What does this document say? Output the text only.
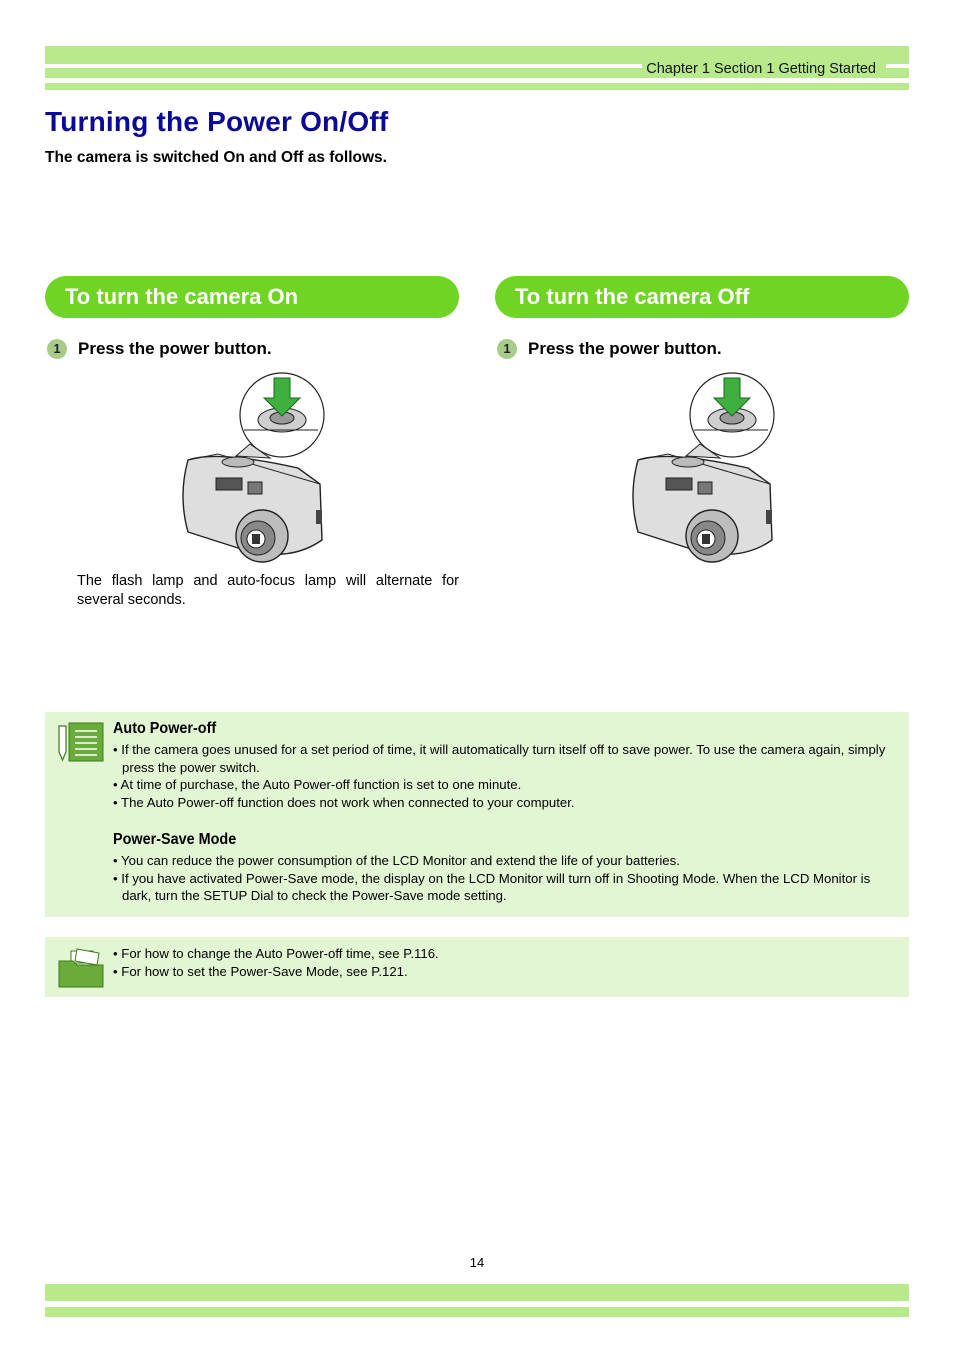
Chapter 1 Section 1 Getting Started
Turning the Power On/Off
The camera is switched On and Off as follows.
To turn the camera On
1	Press the power button.
The flash lamp and auto-focus lamp will alternate for several seconds.
To turn the camera Off
1	Press the power button.
Auto Power-off
• If the camera goes unused for a set period of time, it will automatically turn itself off to save power. To use the camera again, simply press the power switch.
• At time of purchase, the Auto Power-off function is set to one minute.
• The Auto Power-off function does not work when connected to your computer.
Power-Save Mode
• You can reduce the power consumption of the LCD Monitor and extend the life of your batteries.
• If you have activated Power-Save mode, the display on the LCD Monitor will turn off in Shooting Mode. When the LCD Monitor is dark, turn the SETUP Dial to check the Power-Save mode setting.
• For how to change the Auto Power-off time, see P.116.
• For how to set the Power-Save Mode, see P.121.
14
